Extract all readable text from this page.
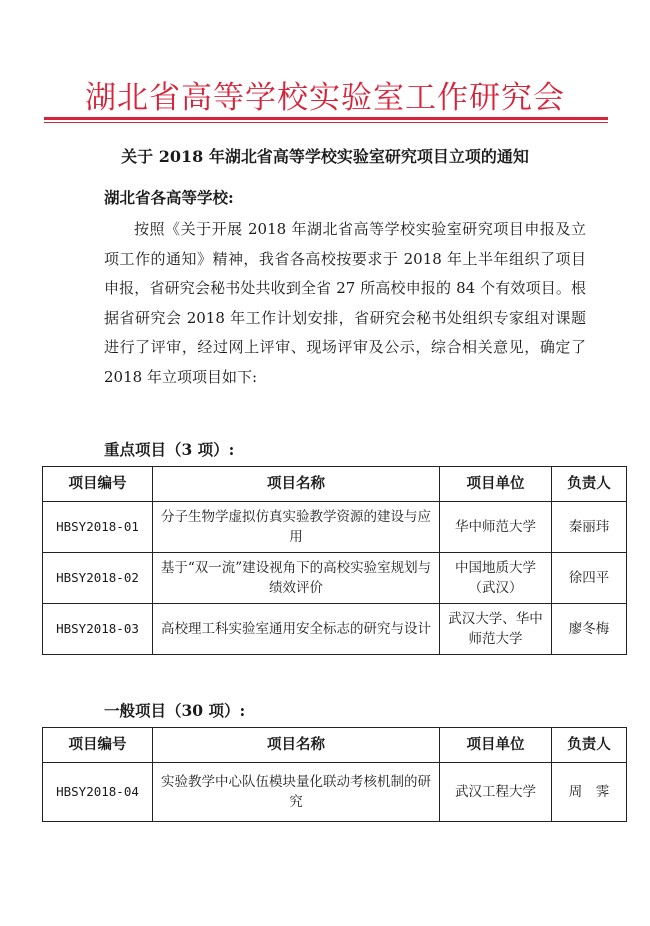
湖北省高等学校实验室工作研究会
关于 2018 年湖北省高等学校实验室研究项目立项的通知
湖北省各高等学校:
按照《关于开展 2018 年湖北省高等学校实验室研究项目申报及立项工作的通知》精神，我省各高校按要求于 2018 年上半年组织了项目申报，省研究会秘书处共收到全省 27 所高校申报的 84 个有效项目。根据省研究会 2018 年工作计划安排，省研究会秘书处组织专家组对课题进行了评审，经过网上评审、现场评审及公示，综合相关意见，确定了 2018 年立项项目如下:
重点项目（3 项）:
项目编号	项目名称	项目单位	负责人
HBSY2018-01	分子生物学虚拟仿真实验教学资源的建设与应用	华中师范大学	秦丽玮
HBSY2018-02	基于“双一流”建设视角下的高校实验室规划与绩效评价	中国地质大学（武汉）	徐四平
HBSY2018-03	高校理工科实验室通用安全标志的研究与设计	武汉大学、华中师范大学	廖冬梅
一般项目（30 项）:
项目编号	项目名称	项目单位	负责人
HBSY2018-04	实验教学中心队伍模块量化联动考核机制的研究	武汉工程大学	周　霁
